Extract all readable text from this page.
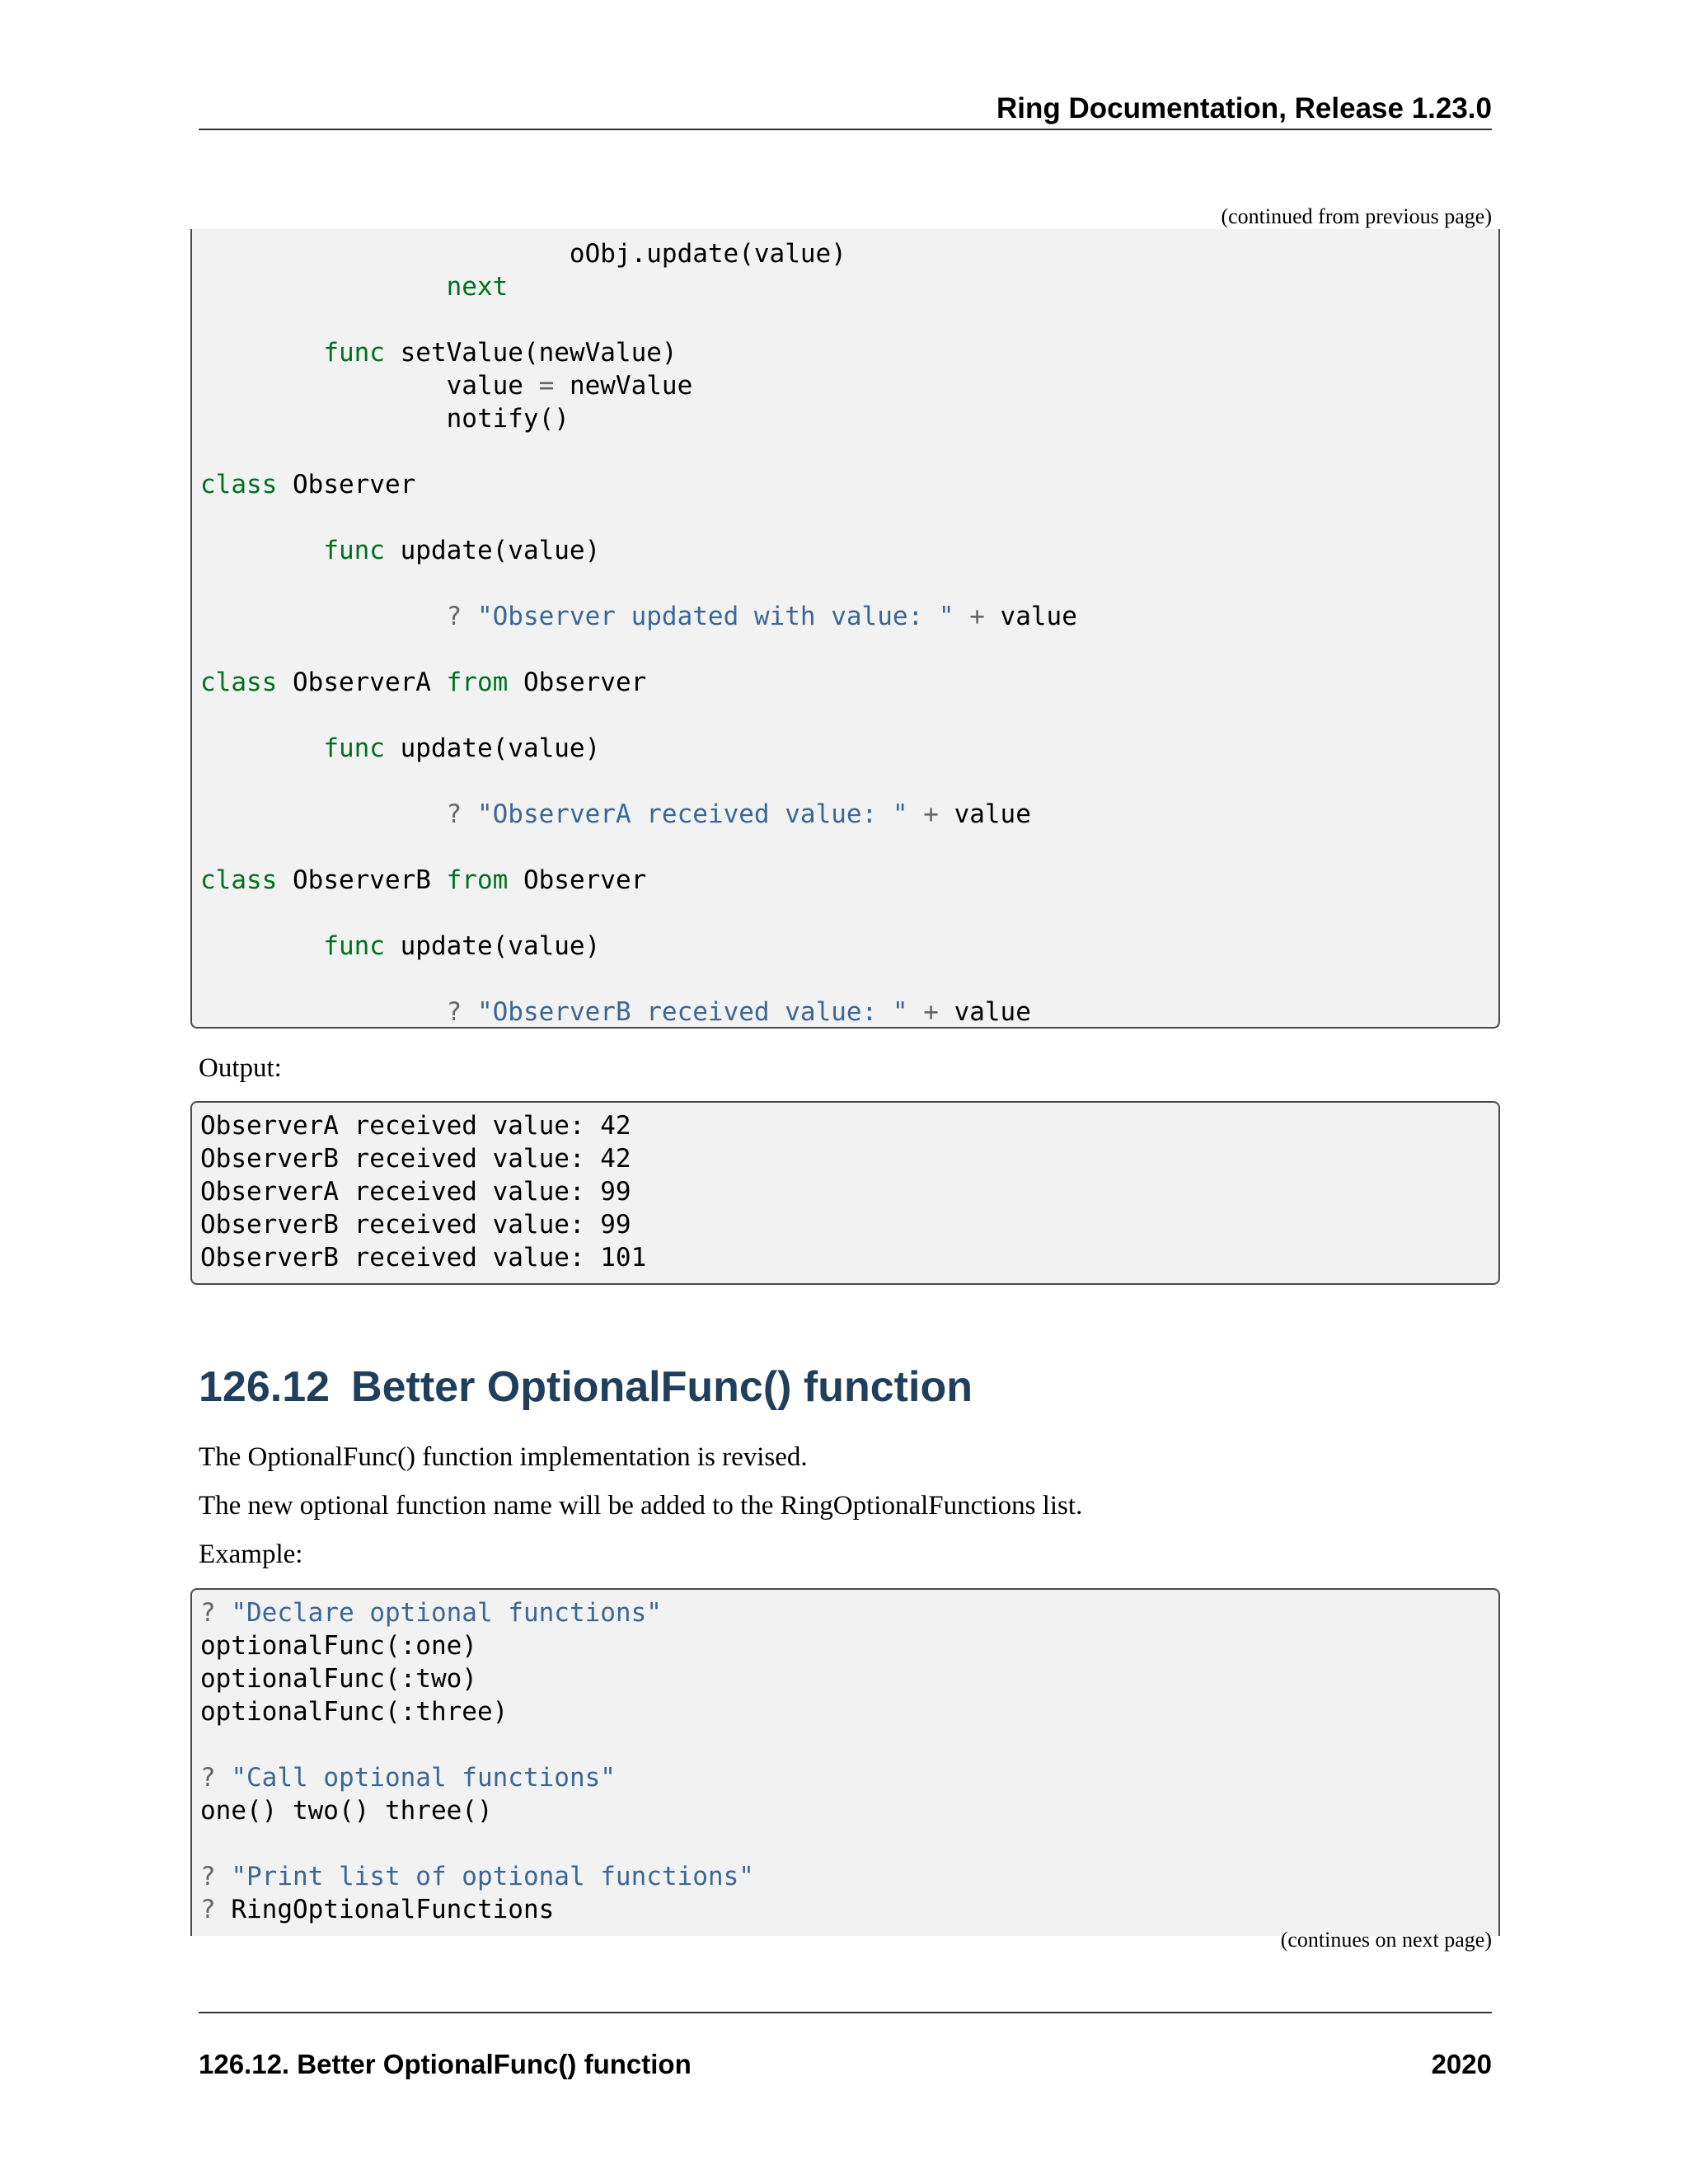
Ring Documentation, Release 1.23.0

(continued from previous page)
oObj.update(value)
next
func setValue(newValue)
value = newValue
notify()
class Observer
func update(value)
? "Observer updated with value: " + value
class ObserverA from Observer
func update(value)
? "ObserverA received value: " + value
class ObserverB from Observer
func update(value)
? "ObserverB received value: " + value

Output:

ObserverA received value: 42
ObserverB received value: 42
ObserverA received value: 99
ObserverB received value: 99
ObserverB received value: 101
126.12 Better OptionalFunc() function

The OptionalFunc() function implementation is revised.

The new optional function name will be added to the RingOptionalFunctions list.

Example:

? "Declare optional functions"
optionalFunc(:one)
optionalFunc(:two)
optionalFunc(:three)
? "Call optional functions"
one() two() three()
? "Print list of optional functions"
? RingOptionalFunctions
(continues on next page)

126.12. Better OptionalFunc() function	2020
